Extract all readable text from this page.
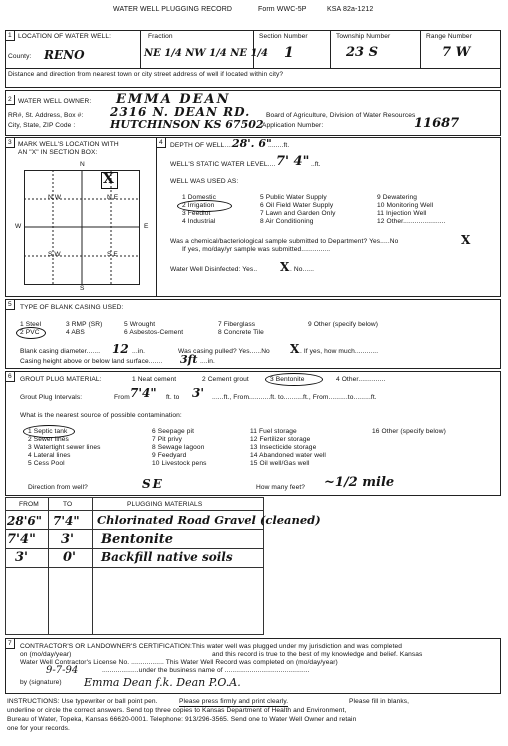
WATER WELL PLUGGING RECORD	Form WWC-5P	KSA 82a-1212
1 LOCATION OF WATER WELL:
County: RENO
Fraction
NE 1/4 NW 1/4 NE 1/4
Section Number
1
Township Number
23 S
Range Number
7 W
Distance and direction from nearest town or city street address of well if located within city?
2 WATER WELL OWNER: EMMA DEAN
RR#, St. Address, Box #: 2316 N. DEAN RD. Board of Agriculture, Division of Water Resources
City, State, ZIP Code :	HUTCHINSON KS 67502
Application Number:	11687
3 MARK WELL'S LOCATION WITH
AN "X" IN SECTION BOX:
N
S
W	E
N W	N E
S W	S E
X
4	DEPTH OF WELL.......
28'. 6"
........ft.
WELL'S STATIC WATER LEVEL.... 7' 4" ..ft.
WELL WAS USED AS:
1 Domestic
2 Irrigation
3 Feedlot
4 Industrial
5 Public Water Supply
6 Oil Field Water Supply
7 Lawn and Garden Only
8 Air Conditioning
9 Dewatering
10 Monitoring Well
11 Injection Well
12 Other......................
Was a chemical/bacteriological sample submitted to Department? Yes.....No	X
If yes, mo/day/yr sample was submitted...............
Water Well Disinfected: Yes.. X . No......
5	TYPE OF BLANK CASING USED:
1 Steel
2 PVC
3 RMP (SR)
4 ABS
5 Wrought
6 Asbestos-Cement
7 Fiberglass
8 Concrete Tile
9 Other (specify below)
Blank casing diameter....... 12 ...in.	Was casing pulled? Yes......No X . If yes, how much............
Casing height above or below land surface....... 3ft ....in.
6	GROUT PLUG MATERIAL:	1 Neat cement	2 Cement grout	3 Bentonite	4 Other..............
Grout Plug Intervals:	From 7'4" ft. to 3' ......ft., From...........ft. to..........ft., From..........to.........ft.
What is the nearest source of possible contamination:
1 Septic tank
2 Sewer lines
3 Watertight sewer lines
4 Lateral lines
5 Cess Pool
6 Seepage pit
7 Pit privy
8 Sewage lagoon
9 Feedyard
10 Livestock pens
11 Fuel storage
12 Fertilizer storage
13 Insecticide storage
14 Abandoned water well
15 Oil well/Gas well
16 Other (specify below)
Direction from well?	SE	How many feet? ~1/2 mile
FROM	TO	PLUGGING MATERIALS
28'6" 7'4" Chlorinated Road Gravel (cleaned)
7'4" 3' Bentonite
3'	0' Backfill native soils
7	CONTRACTOR'S OR LANDOWNER'S CERTIFICATION:This water well was plugged under my jurisdiction and was completed
on (mo/day/year)	and this record is true to the best of my knowledge and belief. Kansas
Water Well Contractor's License No. ................. This Water Well Record was completed on (mo/day/year)
...................under the business name of ............................................
by (signature)
9-7-94
Emma Dean f.k. Dean P.O.A.
INSTRUCTIONS: Use typewriter or ball point pen.	Please press firmly and print clearly.	Please fill in blanks,
underline or circle the correct answers. Send top three copies to Kansas Department of Health and Environment,
Bureau of Water, Topeka, Kansas 66620-0001. Telephone: 913/296-3565. Send one to Water Well Owner and retain
one for your records.
